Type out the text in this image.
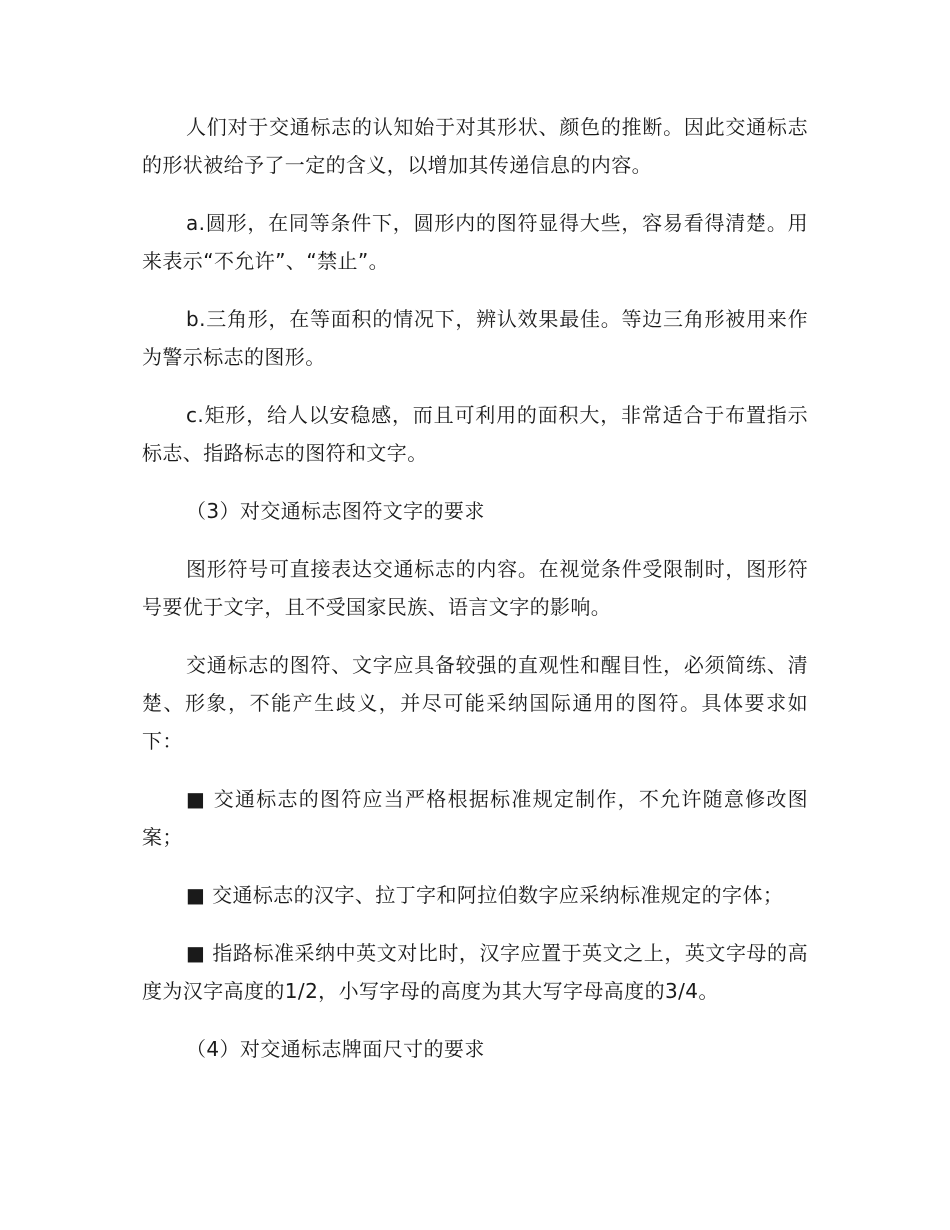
人们对于交通标志的认知始于对其形状、颜色的推断。因此交通标志的形状被给予了一定的含义，以增加其传递信息的内容。

a.圆形，在同等条件下，圆形内的图符显得大些，容易看得清楚。用来表示“不允许”、“禁止”。

b.三角形，在等面积的情况下，辨认效果最佳。等边三角形被用来作为警示标志的图形。

c.矩形，给人以安稳感，而且可利用的面积大，非常适合于布置指示标志、指路标志的图符和文字。

（3）对交通标志图符文字的要求

图形符号可直接表达交通标志的内容。在视觉条件受限制时，图形符号要优于文字，且不受国家民族、语言文字的影响。

交通标志的图符、文字应具备较强的直观性和醒目性，必须简练、清楚、形象，不能产生歧义，并尽可能采纳国际通用的图符。具体要求如下：

■ 交通标志的图符应当严格根据标准规定制作，不允许随意修改图案；

■ 交通标志的汉字、拉丁字和阿拉伯数字应采纳标准规定的字体；

■ 指路标准采纳中英文对比时，汉字应置于英文之上，英文字母的高度为汉字高度的1/2，小写字母的高度为其大写字母高度的3/4。

（4）对交通标志牌面尺寸的要求
